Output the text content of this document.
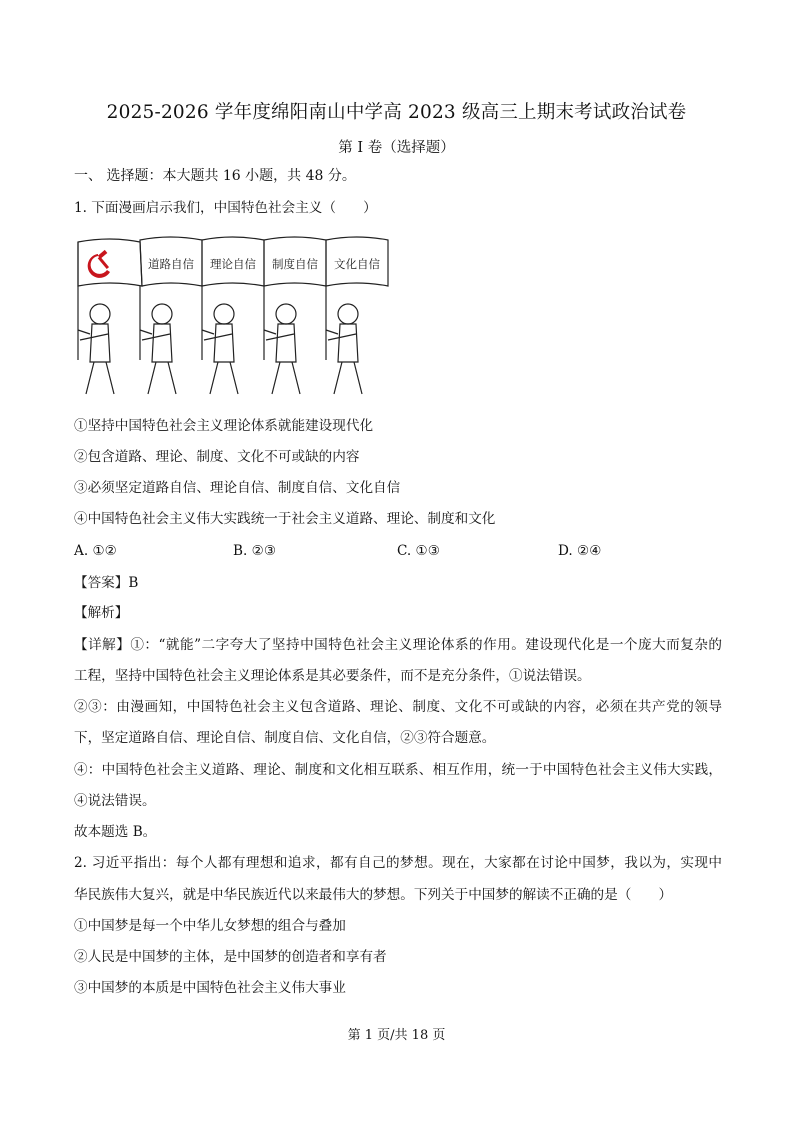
2025-2026 学年度绵阳南山中学高 2023 级高三上期末考试政治试卷
第 I 卷（选择题）
一、 选择题：本大题共 16 小题，共 48 分。
1. 下面漫画启示我们，中国特色社会主义（　　）
道路自信 理论自信 制度自信 文化自信
①坚持中国特色社会主义理论体系就能建设现代化
②包含道路、理论、制度、文化不可或缺的内容
③必须坚定道路自信、理论自信、制度自信、文化自信
④中国特色社会主义伟大实践统一于社会主义道路、理论、制度和文化
A. ①②	B. ②③	C. ①③	D. ②④
【答案】B
【解析】
【详解】①：“就能”二字夸大了坚持中国特色社会主义理论体系的作用。建设现代化是一个庞大而复杂的
工程，坚持中国特色社会主义理论体系是其必要条件，而不是充分条件，①说法错误。
②③：由漫画知，中国特色社会主义包含道路、理论、制度、文化不可或缺的内容，必须在共产党的领导
下，坚定道路自信、理论自信、制度自信、文化自信，②③符合题意。
④：中国特色社会主义道路、理论、制度和文化相互联系、相互作用，统一于中国特色社会主义伟大实践，
④说法错误。
故本题选 B。
2. 习近平指出：每个人都有理想和追求，都有自己的梦想。现在，大家都在讨论中国梦，我以为，实现中
华民族伟大复兴，就是中华民族近代以来最伟大的梦想。下列关于中国梦的解读不正确的是（　　）
①中国梦是每一个中华儿女梦想的组合与叠加
②人民是中国梦的主体，是中国梦的创造者和享有者
③中国梦的本质是中国特色社会主义伟大事业
第 1 页/共 18 页
